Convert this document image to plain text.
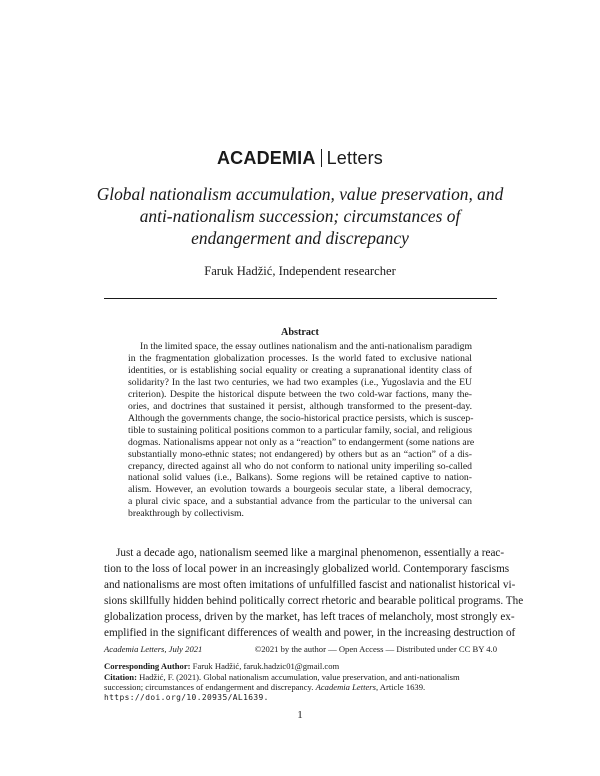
ACADEMIA Letters
Global nationalism accumulation, value preservation, and
anti-nationalism succession; circumstances of
endangerment and discrepancy
Faruk Hadžić, Independent researcher
Abstract

In the limited space, the essay outlines nationalism and the anti-nationalism paradigm
in the fragmentation globalization processes. Is the world fated to exclusive national
identities, or is establishing social equality or creating a supranational identity class of
solidarity? In the last two centuries, we had two examples (i.e., Yugoslavia and the EU
criterion). Despite the historical dispute between the two cold-war factions, many the-
ories, and doctrines that sustained it persist, although transformed to the present-day.
Although the governments change, the socio-historical practice persists, which is suscep-
tible to sustaining political positions common to a particular family, social, and religious
dogmas. Nationalisms appear not only as a “reaction” to endangerment (some nations are
substantially mono-ethnic states; not endangered) by others but as an “action” of a dis-
crepancy, directed against all who do not conform to national unity imperiling so-called
national solid values (i.e., Balkans). Some regions will be retained captive to nation-
alism. However, an evolution towards a bourgeois secular state, a liberal democracy,
a plural civic space, and a substantial advance from the particular to the universal can
breakthrough by collectivism.

Just a decade ago, nationalism seemed like a marginal phenomenon, essentially a reac-
tion to the loss of local power in an increasingly globalized world. Contemporary fascisms
and nationalisms are most often imitations of unfulfilled fascist and nationalist historical vi-
sions skillfully hidden behind politically correct rhetoric and bearable political programs. The
globalization process, driven by the market, has left traces of melancholy, most strongly ex-
emplified in the significant differences of wealth and power, in the increasing destruction of

Academia Letters, July 2021	©2021 by the author — Open Access — Distributed under CC BY 4.0
Corresponding Author: Faruk Hadžić, faruk.hadzic01@gmail.com
Citation: Hadžić, F. (2021). Global nationalism accumulation, value preservation, and anti-nationalism
succession; circumstances of endangerment and discrepancy. Academia Letters, Article 1639.
https://doi.org/10.20935/AL1639.
1
